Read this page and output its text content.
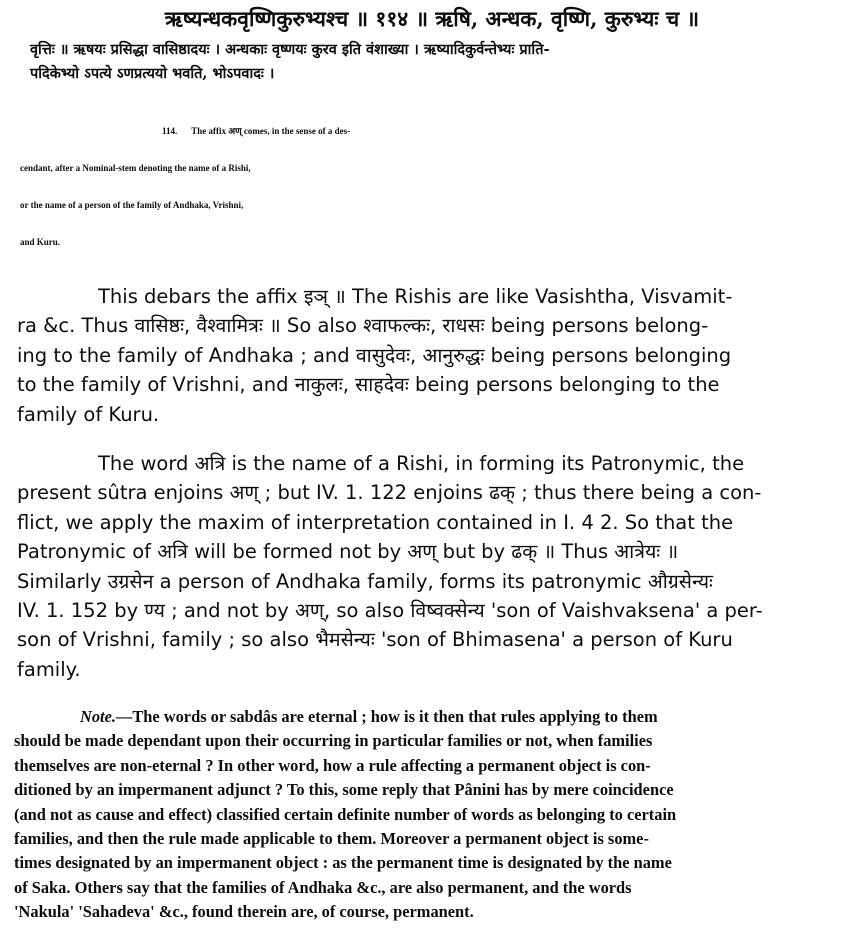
ऋष्यन्धकवृष्णिकुरुभ्यश्च ॥ ११४ ॥ ऋषि, अन्धक, वृष्णि, कुरुभ्यः च ॥
वृत्तिः ॥ ऋषयः प्रसिद्धा वासिष्ठादयः । अन्धकाः वृष्णयः कुरव इति वंशाख्या । ऋष्यादिकुर्वन्तेभ्यः प्राति-
पदिकेभ्यो ऽपत्ये ऽणप्रत्ययो भवति, भोऽपवादः ।
114. The affix अण् comes, in the sense of a des-
cendant, after a Nominal-stem denoting the name of a Rishi,
or the name of a person of the family of Andhaka, Vrishni,
and Kuru.
This debars the affix इञ् ॥ The Rishis are like Vasishtha, Visvamit-
ra &c. Thus वासिष्ठः, वैश्वामित्रः ॥ So also श्वाफल्कः, राधसः being persons belong-
ing to the family of Andhaka ; and वासुदेवः, आनुरुद्धः being persons belonging
to the family of Vrishni, and नाकुलः, साहदेवः being persons belonging to the
family of Kuru.
The word अत्रि is the name of a Rishi, in forming its Patronymic, the
present sûtra enjoins अण् ; but IV. 1. 122 enjoins ढक् ; thus there being a con-
flict, we apply the maxim of interpretation contained in I. 4 2. So that the
Patronymic of अत्रि will be formed not by अण् but by ढक् ॥ Thus आत्रेयः ॥
Similarly उग्रसेन a person of Andhaka family, forms its patronymic औग्रसेन्यः
IV. 1. 152 by ण्य ; and not by अण्, so also विष्वक्सेन्य 'son of Vaishvaksena' a per-
son of Vrishni, family ; so also भैमसेन्यः 'son of Bhimasena' a person of Kuru
family.
Note.—The words or sabdâs are eternal ; how is it then that rules applying to them
should be made dependant upon their occurring in particular families or not, when families
themselves are non-eternal ? In other word, how a rule affecting a permanent object is con-
ditioned by an impermanent adjunct ? To this, some reply that Pânini has by mere coincidence
(and not as cause and effect) classified certain definite number of words as belonging to certain
families, and then the rule made applicable to them. Moreover a permanent object is some-
times designated by an impermanent object : as the permanent time is designated by the name
of Saka. Others say that the families of Andhaka &c., are also permanent, and the words
'Nakula' 'Sahadeva' &c., found therein are, of course, permanent.
